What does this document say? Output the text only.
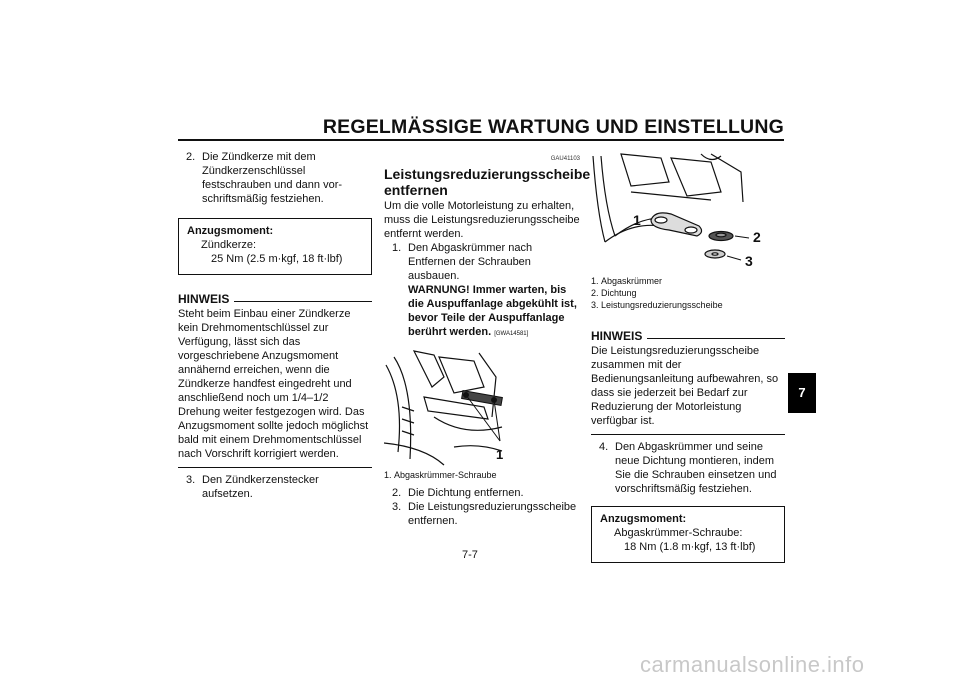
REGELMÄSSIGE WARTUNG UND EINSTELLUNG

2. Die Zündkerze mit dem Zündkerzenschlüssel festschrauben und dann vorschriftsmäßig festziehen.

Anzugsmoment:
Zündkerze:
25 Nm (2.5 m·kgf, 18 ft·lbf)
HINWEIS

Steht beim Einbau einer Zündkerze kein Drehmomentschlüssel zur Verfügung, lässt sich das vorgeschriebene Anzugsmoment annähernd erreichen, wenn die Zündkerze handfest eingedreht und anschließend noch um 1/4–1/2 Drehung weiter festgezogen wird. Das Anzugsmoment sollte jedoch möglichst bald mit einem Drehmomentschlüssel nach Vorschrift korrigiert werden.

3. Den Zündkerzenstecker aufsetzen.

GAU41103
Leistungsreduzierungsscheibe entfernen

Um die volle Motorleistung zu erhalten, muss die Leistungsreduzierungsscheibe entfernt werden.

1. Den Abgaskrümmer nach Entfernen der Schrauben ausbauen.
WARNUNG! Immer warten, bis die Auspuffanlage abgekühlt ist, bevor Teile der Auspuffanlage berührt werden. [GWA14581]
1

1. Abgaskrümmer-Schraube

2. Die Dichtung entfernen.

3. Die Leistungsreduzierungsscheibe entfernen.

1
2
3

1. Abgaskrümmer

2. Dichtung

3. Leistungsreduzierungsscheibe

HINWEIS

Die Leistungsreduzierungsscheibe zusammen mit der Bedienungsanleitung aufbewahren, so dass sie jederzeit bei Bedarf zur Reduzierung der Motorleistung verfügbar ist.

4. Den Abgaskrümmer und seine neue Dichtung montieren, indem Sie die Schrauben einsetzen und vorschriftsmäßig festziehen.

Anzugsmoment:
Abgaskrümmer-Schraube:
18 Nm (1.8 m·kgf, 13 ft·lbf)
7
7-7
carmanualsonline.info
